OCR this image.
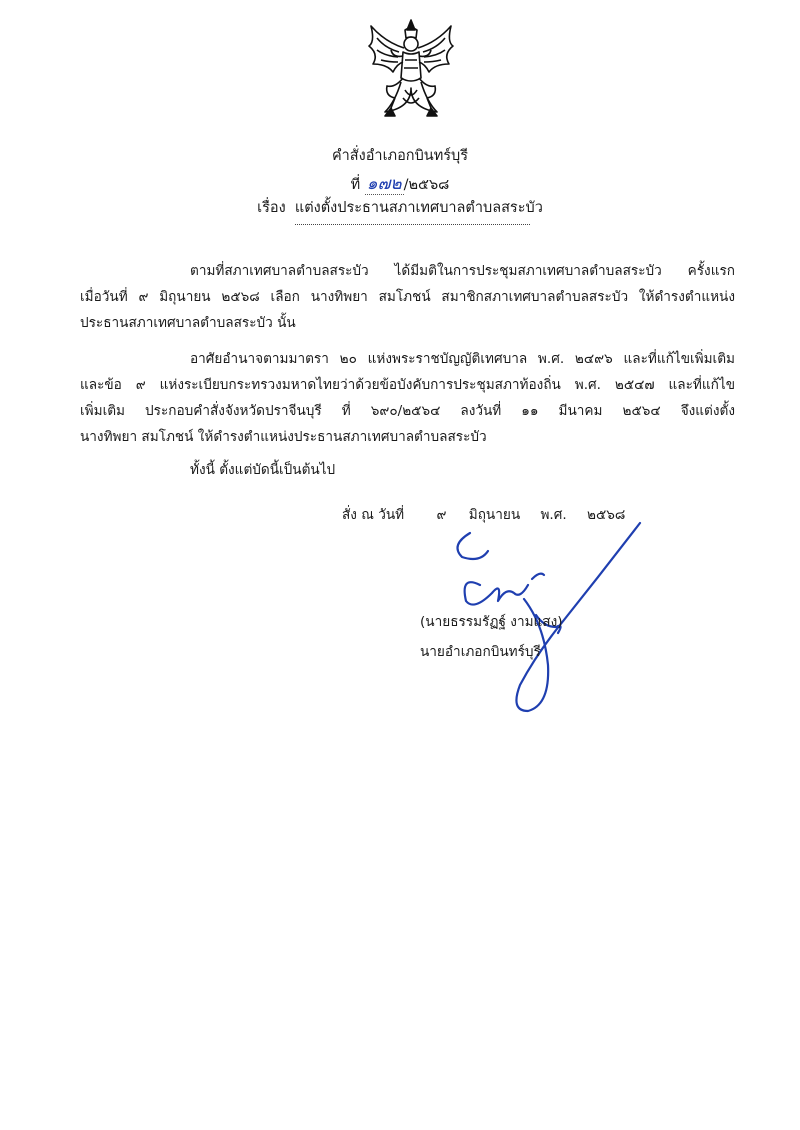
คำสั่งอำเภอกบินทร์บุรี
ที่ ๑๗๒ /๒๕๖๘
เรื่อง แต่งตั้งประธานสภาเทศบาลตำบลสระบัว
ตามที่สภาเทศบาลตำบลสระบัว ได้มีมติในการประชุมสภาเทศบาลตำบลสระบัว ครั้งแรก
เมื่อวันที่ ๙ มิถุนายน ๒๕๖๘ เลือก นางทิพยา สมโภชน์ สมาชิกสภาเทศบาลตำบลสระบัว ให้ดำรงตำแหน่ง
ประธานสภาเทศบาลตำบลสระบัว นั้น
อาศัยอำนาจตามมาตรา ๒๐ แห่งพระราชบัญญัติเทศบาล พ.ศ. ๒๔๙๖ และที่แก้ไขเพิ่มเติม
และข้อ ๙ แห่งระเบียบกระทรวงมหาดไทยว่าด้วยข้อบังคับการประชุมสภาท้องถิ่น พ.ศ. ๒๕๔๗ และที่แก้ไข
เพิ่มเติม ประกอบคำสั่งจังหวัดปราจีนบุรี ที่ ๖๙๐/๒๕๖๔ ลงวันที่ ๑๑ มีนาคม ๒๕๖๔ จึงแต่งตั้ง
นางทิพยา สมโภชน์ ให้ดำรงตำแหน่งประธานสภาเทศบาลตำบลสระบัว
ทั้งนี้ ตั้งแต่บัดนี้เป็นต้นไป
สั่ง ณ วันที่ ๙ มิถุนายน พ.ศ. ๒๕๖๘
(นายธรรมรัฏฐ์ งามแสง)
นายอำเภอกบินทร์บุรี
